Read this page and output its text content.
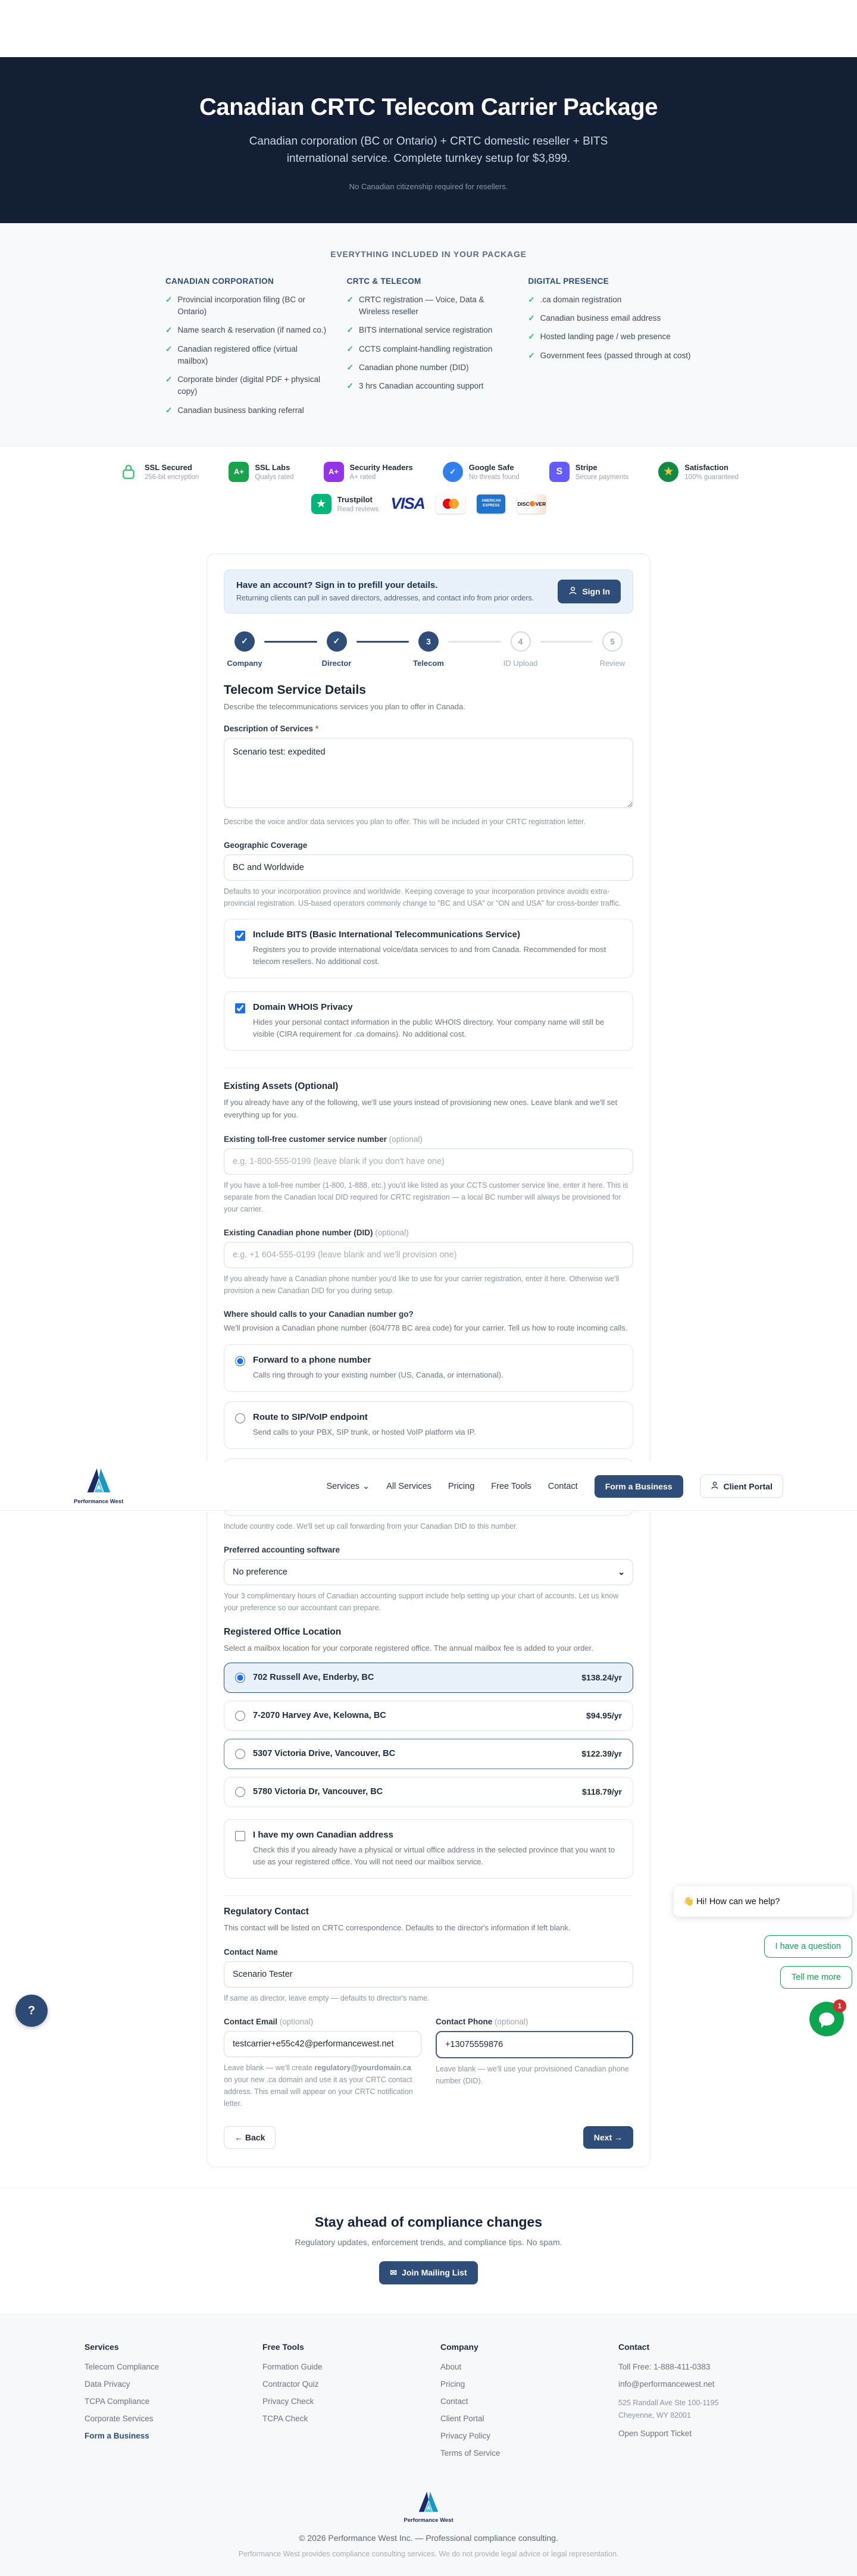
Canadian CRTC Telecom Carrier Package

Canadian corporation (BC or Ontario) + CRTC domestic reseller + BITS international service. Complete turnkey setup for $3,899.

No Canadian citizenship required for resellers.

EVERYTHING INCLUDED IN YOUR PACKAGE
CANADIAN CORPORATION
✓ Provincial incorporation filing (BC or Ontario)
✓ Name search & reservation (if named co.)
✓ Canadian registered office (virtual mailbox)
✓ Corporate binder (digital PDF + physical copy)
✓ Canadian business banking referral
CRTC & TELECOM
✓ CRTC registration — Voice, Data & Wireless reseller
✓ BITS international service registration
✓ CCTS complaint-handling registration
✓ Canadian phone number (DID)
✓ 3 hrs Canadian accounting support
DIGITAL PRESENCE
✓ .ca domain registration
✓ Canadian business email address
✓ Hosted landing page / web presence
✓ Government fees (passed through at cost)
SSL Secured
256-bit encryption
A+	SSL Labs
Qualys rated
A+	Security Headers
A+ rated
✓	Google Safe
No threats found
S	Stripe
Secure payments	★	Satisfaction
100% guaranteed
★	Trustpilot
Read reviews VISA	AMERICAN
EXPRESS	DISC VER
Have an account? Sign in to prefill your details.
Returning clients can pull in saved directors, addresses, and contact info from prior orders.
Sign In
✓
Company
✓
Director
3
Telecom
4
ID Upload
5
Review
Telecom Service Details

Describe the telecommunications services you plan to offer in Canada.

Description of Services *
Scenario test: expedited

Describe the voice and/or data services you plan to offer. This will be included in your CRTC registration letter.

Geographic Coverage
BC and Worldwide

Defaults to your incorporation province and worldwide. Keeping coverage to your incorporation province avoids extra-provincial registration. US-based operators commonly change to "BC and USA" or "ON and USA" for cross-border traffic.

Include BITS (Basic International Telecommunications Service)
Registers you to provide international voice/data services to and from Canada. Recommended for most telecom resellers. No additional cost.
Domain WHOIS Privacy
Hides your personal contact information in the public WHOIS directory. Your company name will still be visible (CIRA requirement for .ca domains). No additional cost.
Existing Assets (Optional)

If you already have any of the following, we'll use yours instead of provisioning new ones. Leave blank and we'll set everything up for you.

Existing toll-free customer service number (optional)
e.g. 1-800-555-0199 (leave blank if you don't have one)

If you have a toll-free number (1-800, 1-888, etc.) you'd like listed as your CCTS customer service line, enter it here. This is separate from the Canadian local DID required for CRTC registration — a local BC number will always be provisioned for your carrier.

Existing Canadian phone number (DID) (optional)
e.g. +1 604-555-0199 (leave blank and we'll provision one)

If you already have a Canadian phone number you'd like to use for your carrier registration, enter it here. Otherwise we'll provision a new Canadian DID for you during setup.

Where should calls to your Canadian number go?

We'll provision a Canadian phone number (604/778 BC area code) for your carrier. Tell us how to route incoming calls.

Forward to a phone number
Calls ring through to your existing number (US, Canada, or international).
Route to SIP/VoIP endpoint
Send calls to your PBX, SIP trunk, or hosted VoIP platform via IP.
Performance West
Services ⌄ All Services Pricing Free Tools Contact	Form a Business	Client Portal

Include country code. We'll set up call forwarding from your Canadian DID to this number.

Preferred accounting software
No preference
⌄

Your 3 complimentary hours of Canadian accounting support include help setting up your chart of accounts. Let us know your preference so our accountant can prepare.

Registered Office Location

Select a mailbox location for your corporate registered office. The annual mailbox fee is added to your order.

702 Russell Ave, Enderby, BC	$138.24/yr
7-2070 Harvey Ave, Kelowna, BC	$94.95/yr
5307 Victoria Drive, Vancouver, BC	$122.39/yr
5780 Victoria Dr, Vancouver, BC	$118.79/yr
I have my own Canadian address
Check this if you already have a physical or virtual office address in the selected province that you want to use as your registered office. You will not need our mailbox service.
👋 Hi! How can we help?
I have a question
Tell me more
1
?
Regulatory Contact

This contact will be listed on CRTC correspondence. Defaults to the director's information if left blank.

Contact Name
Scenario Tester

If same as director, leave empty — defaults to director's name.

Contact Email (optional)
testcarrier+e55c42@performancewest.net

Leave blank — we'll create regulatory@yourdomain.ca on your new .ca domain and use it as your CRTC contact address. This email will appear on your CRTC notification letter.

Contact Phone (optional)
+13075559876

Leave blank — we'll use your provisioned Canadian phone number (DID).

← Back	Next →
Stay ahead of compliance changes

Regulatory updates, enforcement trends, and compliance tips. No spam.

✉ Join Mailing List
Services
Telecom Compliance
Data Privacy
TCPA Compliance
Corporate Services
Form a Business
Free Tools
Formation Guide
Contractor Quiz
Privacy Check
TCPA Check
Company
About
Pricing
Contact
Client Portal
Privacy Policy
Terms of Service
Contact
Toll Free: 1-888-411-0383
info@performancewest.net
525 Randall Ave Ste 100-1195
Cheyenne, WY 82001
Open Support Ticket
Performance West
© 2026 Performance West Inc. — Professional compliance consulting.
Performance West provides compliance consulting services. We do not provide legal advice or legal representation.
